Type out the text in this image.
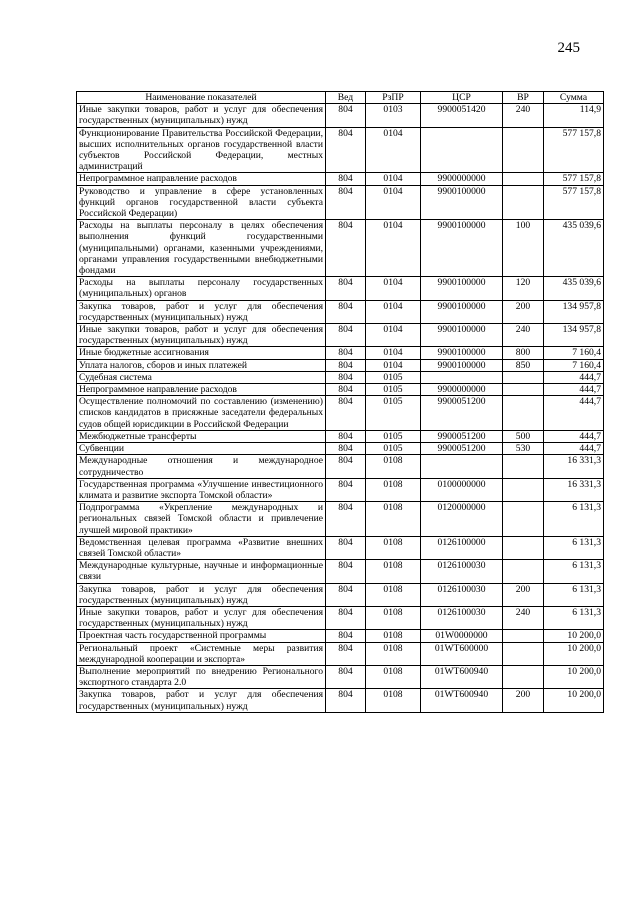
245
Наименование показателей	Вед	РзПР	ЦСР	ВР	Сумма
Иные закупки товаров, работ и услуг для обеспечения государственных (муниципальных) нужд	804	0103	9900051420	240	114,9
Функционирование Правительства Российской Федерации, высших исполнительных органов государственной власти субъектов Российской Федерации, местных администраций	804	0104			577 157,8
Непрограммное направление расходов	804	0104	9900000000		577 157,8
Руководство и управление в сфере установленных функций органов государственной власти субъекта Российской Федерации)	804	0104	9900100000		577 157,8
Расходы на выплаты персоналу в целях обеспечения выполнения функций государственными (муниципальными) органами, казенными учреждениями, органами управления государственными внебюджетными фондами	804	0104	9900100000	100	435 039,6
Расходы на выплаты персоналу государственных (муниципальных) органов	804	0104	9900100000	120	435 039,6
Закупка товаров, работ и услуг для обеспечения государственных (муниципальных) нужд	804	0104	9900100000	200	134 957,8
Иные закупки товаров, работ и услуг для обеспечения государственных (муниципальных) нужд	804	0104	9900100000	240	134 957,8
Иные бюджетные ассигнования	804	0104	9900100000	800	7 160,4
Уплата налогов, сборов и иных платежей	804	0104	9900100000	850	7 160,4
Судебная система	804	0105			444,7
Непрограммное направление расходов	804	0105	9900000000		444,7
Осуществление полномочий по составлению (изменению) списков кандидатов в присяжные заседатели федеральных судов общей юрисдикции в Российской Федерации	804	0105	9900051200		444,7
Межбюджетные трансферты	804	0105	9900051200	500	444,7
Субвенции	804	0105	9900051200	530	444,7
Международные отношения и международное сотрудничество	804	0108			16 331,3
Государственная программа «Улучшение инвестиционного климата и развитие экспорта Томской области»	804	0108	0100000000		16 331,3
Подпрограмма «Укрепление международных и региональных связей Томской области и привлечение лучшей мировой практики»	804	0108	0120000000		6 131,3
Ведомственная целевая программа «Развитие внешних связей Томской области»	804	0108	0126100000		6 131,3
Международные культурные, научные и информационные связи	804	0108	0126100030		6 131,3
Закупка товаров, работ и услуг для обеспечения государственных (муниципальных) нужд	804	0108	0126100030	200	6 131,3
Иные закупки товаров, работ и услуг для обеспечения государственных (муниципальных) нужд	804	0108	0126100030	240	6 131,3
Проектная часть государственной программы	804	0108	01W0000000		10 200,0
Региональный проект «Системные меры развития международной кооперации и экспорта»	804	0108	01WT600000		10 200,0
Выполнение мероприятий по внедрению Регионального экспортного стандарта 2.0	804	0108	01WT600940		10 200,0
Закупка товаров, работ и услуг для обеспечения государственных (муниципальных) нужд	804	0108	01WT600940	200	10 200,0
